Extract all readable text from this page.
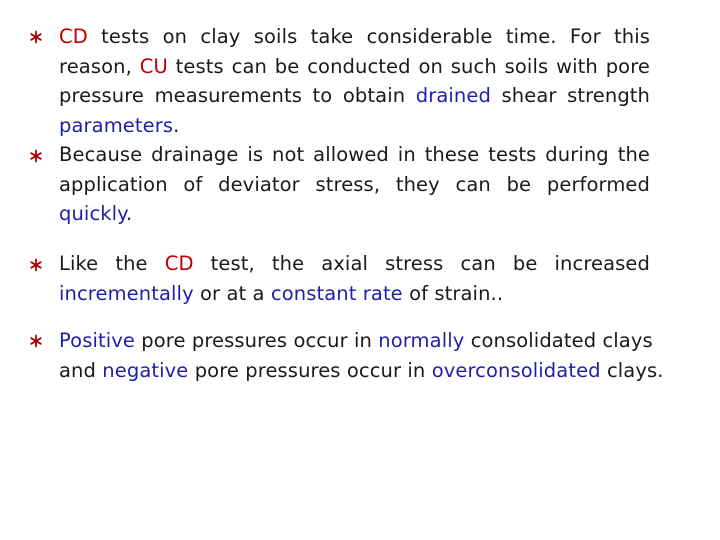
CD tests on clay soils take considerable time. For this reason, CU tests can be conducted on such soils with pore pressure measurements to obtain drained shear strength parameters.
Because drainage is not allowed in these tests during the application of deviator stress, they can be performed quickly.
Like the CD test, the axial stress can be increased incrementally or at a constant rate of strain..
Positive pore pressures occur in normally consolidated clays and negative pore pressures occur in overconsolidated clays.
